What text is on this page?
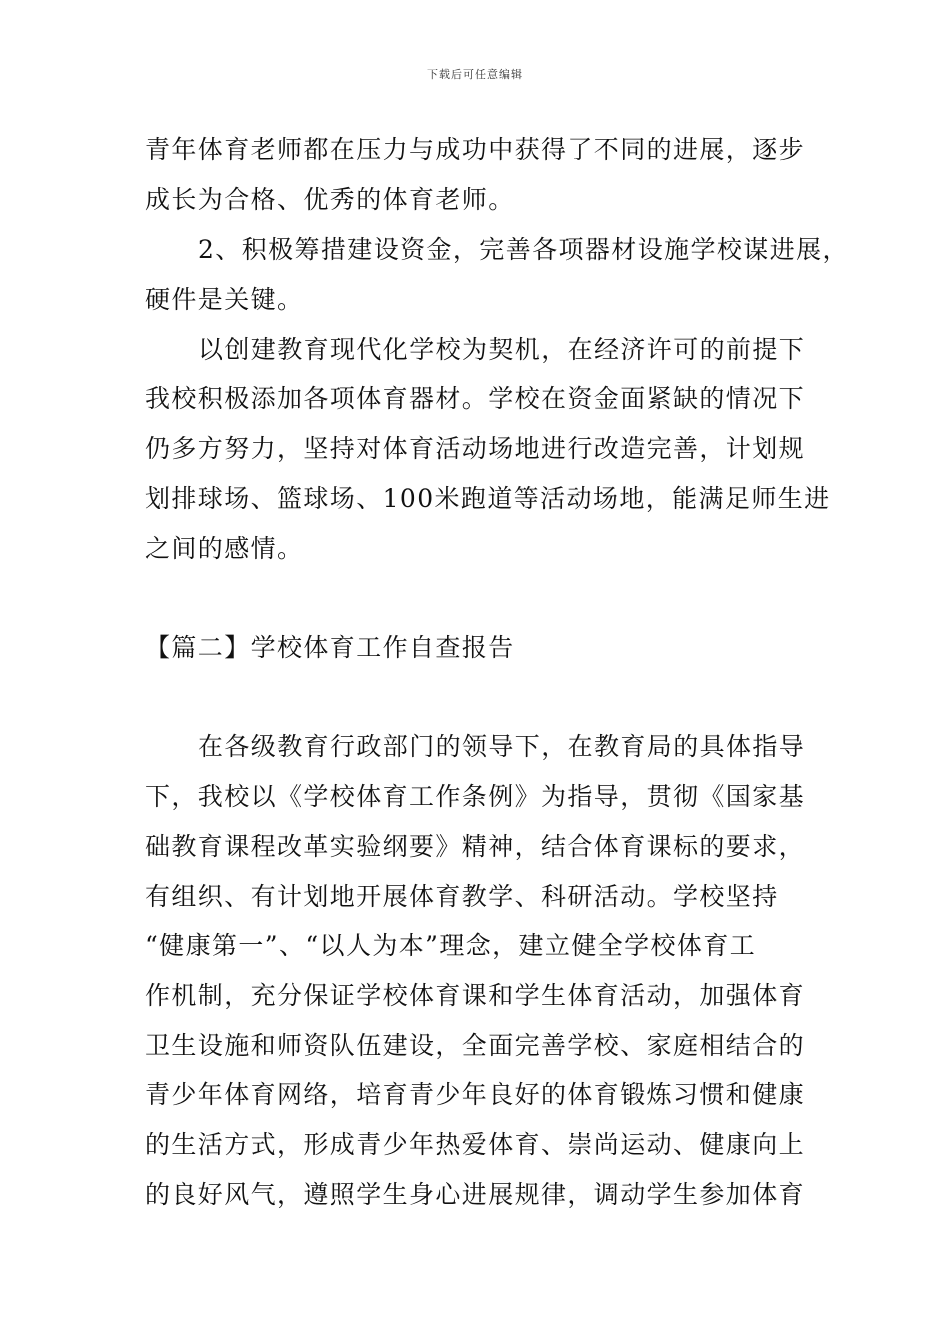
下载后可任意编辑
青年体育老师都在压力与成功中获得了不同的进展，逐步
成长为合格、优秀的体育老师。
2、积极筹措建设资金，完善各项器材设施学校谋进展，
硬件是关键。
以创建教育现代化学校为契机，在经济许可的前提下
我校积极添加各项体育器材。学校在资金面紧缺的情况下
仍多方努力，坚持对体育活动场地进行改造完善，计划规
划排球场、篮球场、100米跑道等活动场地，能满足师生进
之间的感情。
【篇二】学校体育工作自查报告
在各级教育行政部门的领导下，在教育局的具体指导
下，我校以《学校体育工作条例》为指导，贯彻《国家基
础教育课程改革实验纲要》精神，结合体育课标的要求，
有组织、有计划地开展体育教学、科研活动。学校坚持
“健康第一”、“以人为本”理念，建立健全学校体育工
作机制，充分保证学校体育课和学生体育活动，加强体育
卫生设施和师资队伍建设，全面完善学校、家庭相结合的
青少年体育网络，培育青少年良好的体育锻炼习惯和健康
的生活方式，形成青少年热爱体育、崇尚运动、健康向上
的良好风气，遵照学生身心进展规律，调动学生参加体育
